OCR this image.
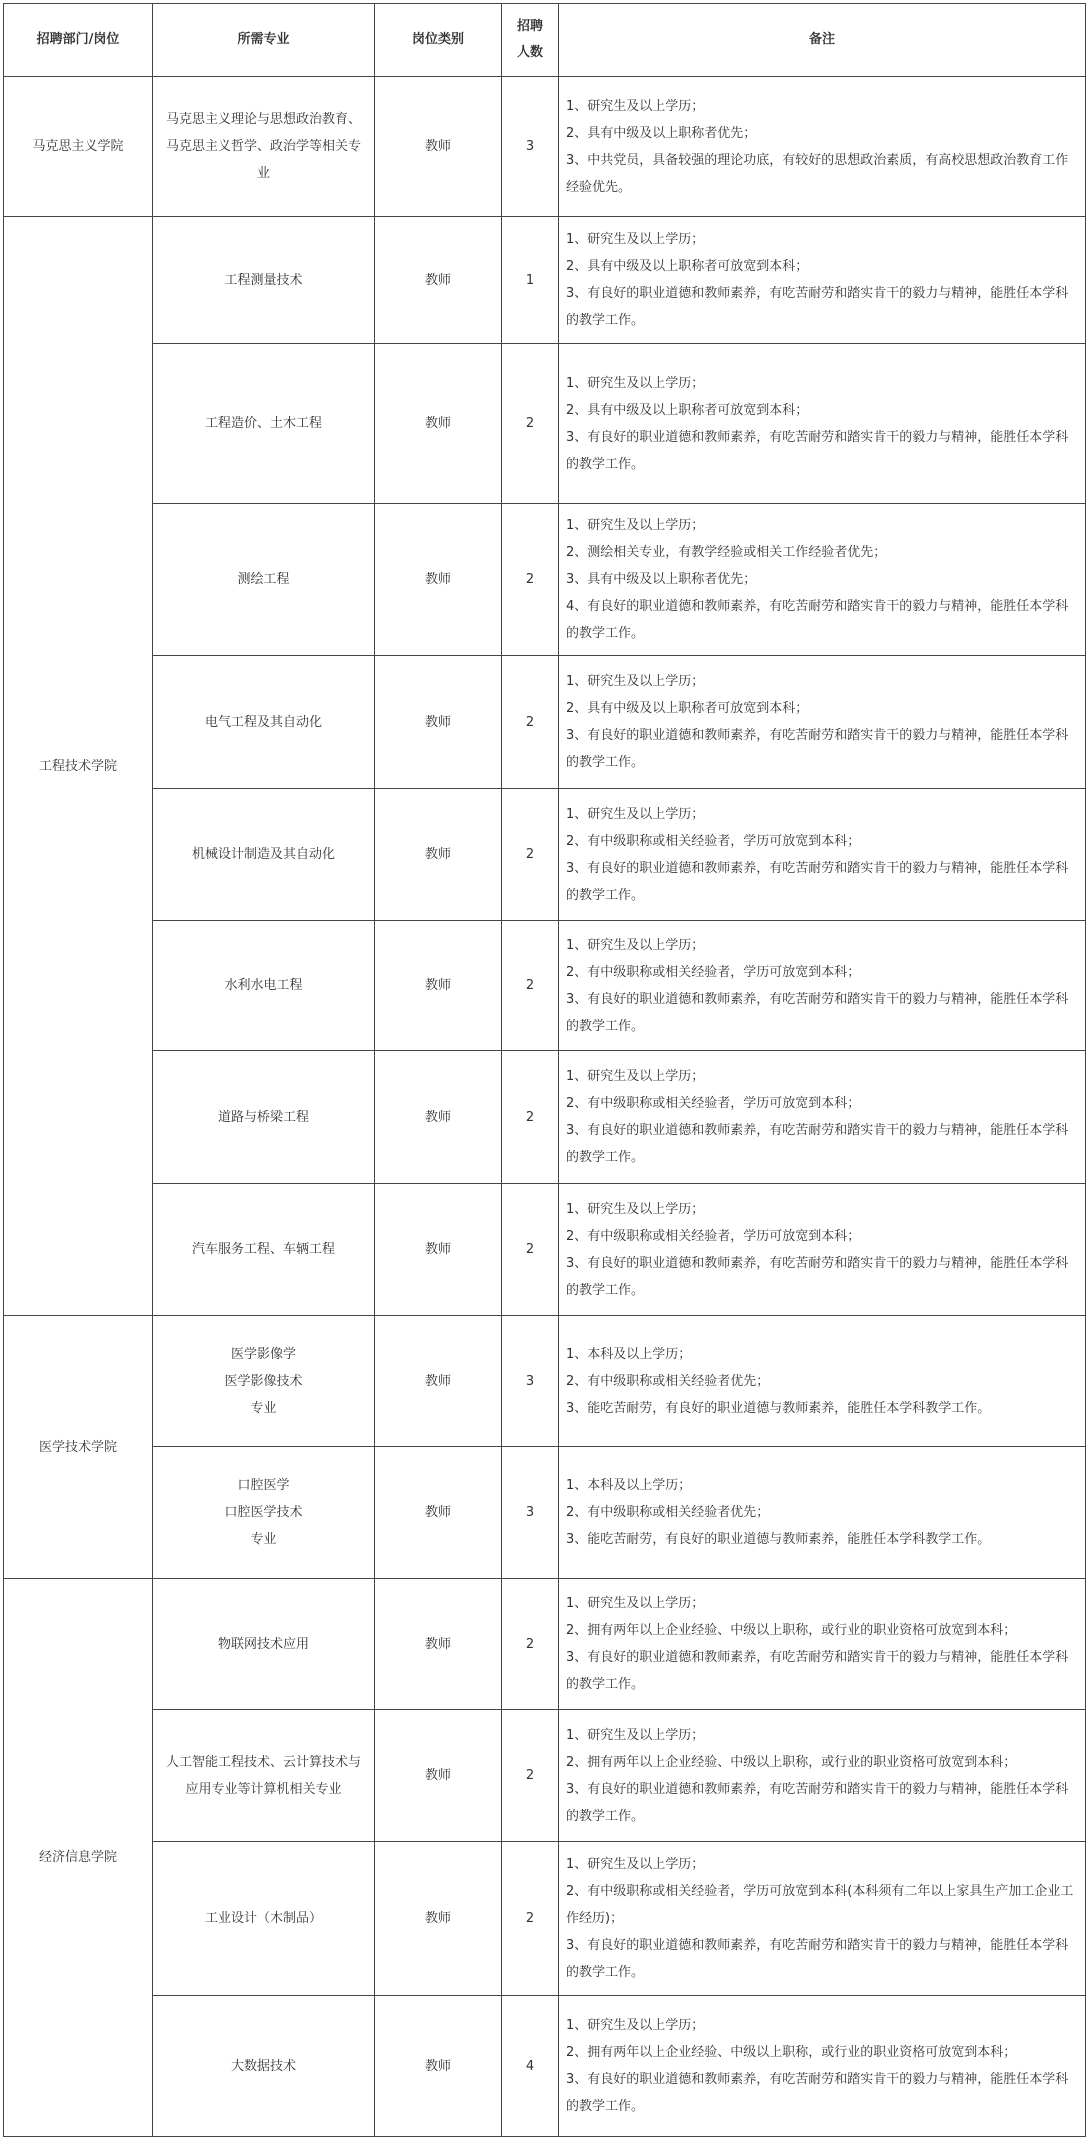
招聘部门/岗位	所需专业	岗位类别	招聘人数	备注
马克思主义学院	马克思主义理论与思想政治教育、马克思主义哲学、政治学等相关专业	教师	3	1、研究生及以上学历；
2、具有中级及以上职称者优先；
3、中共党员，具备较强的理论功底，有较好的思想政治素质，有高校思想政治教育工作经验优先。

工程技术学院	工程测量技术	教师	1	1、研究生及以上学历；
2、具有中级及以上职称者可放宽到本科；
3、有良好的职业道德和教师素养，有吃苦耐劳和踏实肯干的毅力与精神，能胜任本学科的教学工作。

	工程造价、土木工程	教师	2	1、研究生及以上学历；
2、具有中级及以上职称者可放宽到本科；
3、有良好的职业道德和教师素养，有吃苦耐劳和踏实肯干的毅力与精神，能胜任本学科的教学工作。

	测绘工程	教师	2	1、研究生及以上学历；
2、测绘相关专业，有教学经验或相关工作经验者优先；
3、具有中级及以上职称者优先；
4、有良好的职业道德和教师素养，有吃苦耐劳和踏实肯干的毅力与精神，能胜任本学科的教学工作。

	电气工程及其自动化	教师	2	1、研究生及以上学历；
2、具有中级及以上职称者可放宽到本科；
3、有良好的职业道德和教师素养，有吃苦耐劳和踏实肯干的毅力与精神，能胜任本学科的教学工作。

	机械设计制造及其自动化	教师	2	1、研究生及以上学历；
2、有中级职称或相关经验者，学历可放宽到本科；
3、有良好的职业道德和教师素养，有吃苦耐劳和踏实肯干的毅力与精神，能胜任本学科的教学工作。

	水利水电工程	教师	2	1、研究生及以上学历；
2、有中级职称或相关经验者，学历可放宽到本科；
3、有良好的职业道德和教师素养，有吃苦耐劳和踏实肯干的毅力与精神，能胜任本学科的教学工作。

	道路与桥梁工程	教师	2	1、研究生及以上学历；
2、有中级职称或相关经验者，学历可放宽到本科；
3、有良好的职业道德和教师素养，有吃苦耐劳和踏实肯干的毅力与精神，能胜任本学科的教学工作。

	汽车服务工程、车辆工程	教师	2	1、研究生及以上学历；
2、有中级职称或相关经验者，学历可放宽到本科；
3、有良好的职业道德和教师素养，有吃苦耐劳和踏实肯干的毅力与精神，能胜任本学科的教学工作。

医学技术学院	医学影像学
医学影像技术
专业	教师	3	1、本科及以上学历；
2、有中级职称或相关经验者优先；
3、能吃苦耐劳，有良好的职业道德与教师素养，能胜任本学科教学工作。

	口腔医学
口腔医学技术
专业	教师	3	1、本科及以上学历；
2、有中级职称或相关经验者优先；
3、能吃苦耐劳，有良好的职业道德与教师素养，能胜任本学科教学工作。

经济信息学院	物联网技术应用	教师	2	1、研究生及以上学历；
2、拥有两年以上企业经验、中级以上职称，或行业的职业资格可放宽到本科；
3、有良好的职业道德和教师素养，有吃苦耐劳和踏实肯干的毅力与精神，能胜任本学科的教学工作。

	人工智能工程技术、云计算技术与应用专业等计算机相关专业	教师	2	1、研究生及以上学历；
2、拥有两年以上企业经验、中级以上职称，或行业的职业资格可放宽到本科；
3、有良好的职业道德和教师素养，有吃苦耐劳和踏实肯干的毅力与精神，能胜任本学科的教学工作。

	工业设计（木制品）	教师	2	1、研究生及以上学历；
2、有中级职称或相关经验者，学历可放宽到本科(本科须有二年以上家具生产加工企业工作经历)；
3、有良好的职业道德和教师素养，有吃苦耐劳和踏实肯干的毅力与精神，能胜任本学科的教学工作。

	大数据技术	教师	4	1、研究生及以上学历；
2、拥有两年以上企业经验、中级以上职称，或行业的职业资格可放宽到本科；
3、有良好的职业道德和教师素养，有吃苦耐劳和踏实肯干的毅力与精神，能胜任本学科的教学工作。
